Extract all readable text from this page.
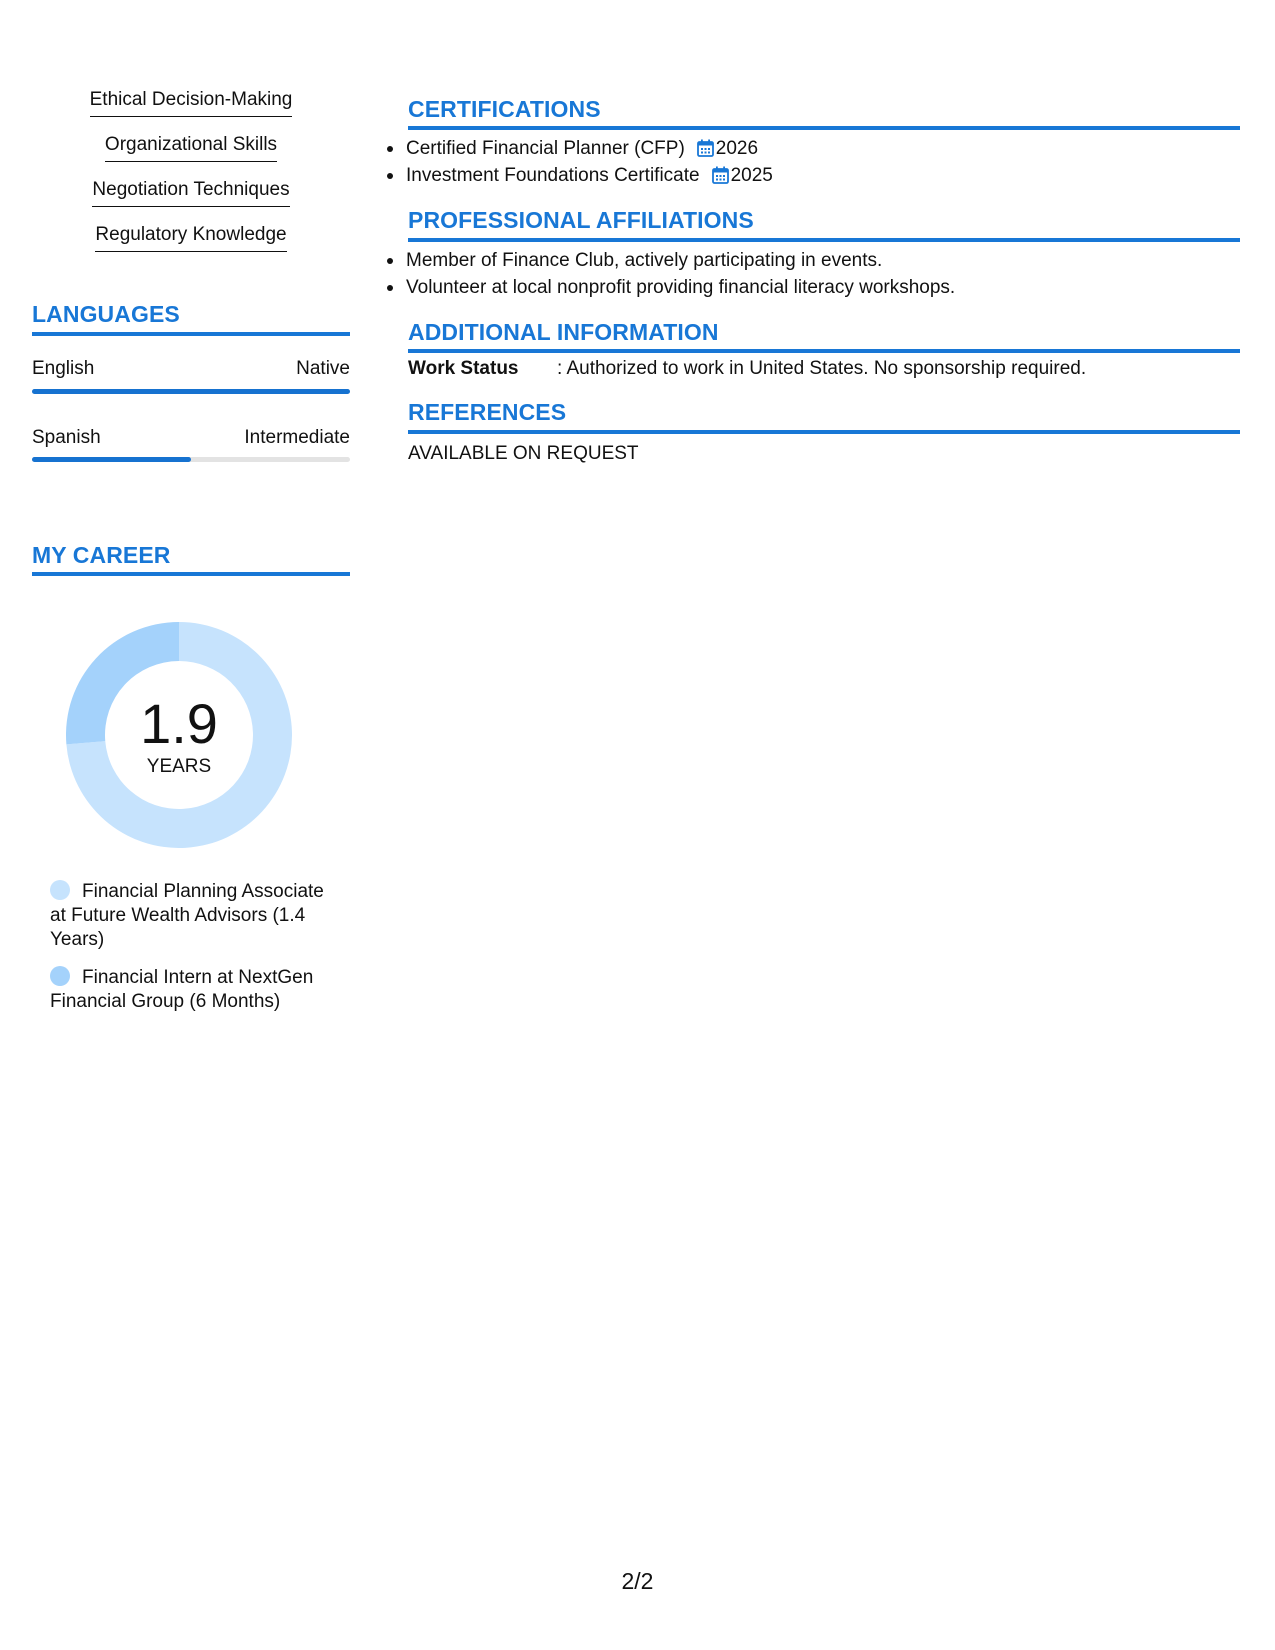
Ethical Decision-Making
Organizational Skills
Negotiation Techniques
Regulatory Knowledge
LANGUAGES
English	Native
Spanish	Intermediate
MY CAREER
1.9
YEARS
Financial Planning Associate at Future Wealth Advisors (1.4 Years)
Financial Intern at NextGen Financial Group (6 Months)
CERTIFICATIONS
Certified Financial Planner (CFP) 2026
Investment Foundations Certificate 2025
PROFESSIONAL AFFILIATIONS
Member of Finance Club, actively participating in events.
Volunteer at local nonprofit providing financial literacy workshops.
ADDITIONAL INFORMATION
Work Status : Authorized to work in United States. No sponsorship required.
REFERENCES
AVAILABLE ON REQUEST
2/2
